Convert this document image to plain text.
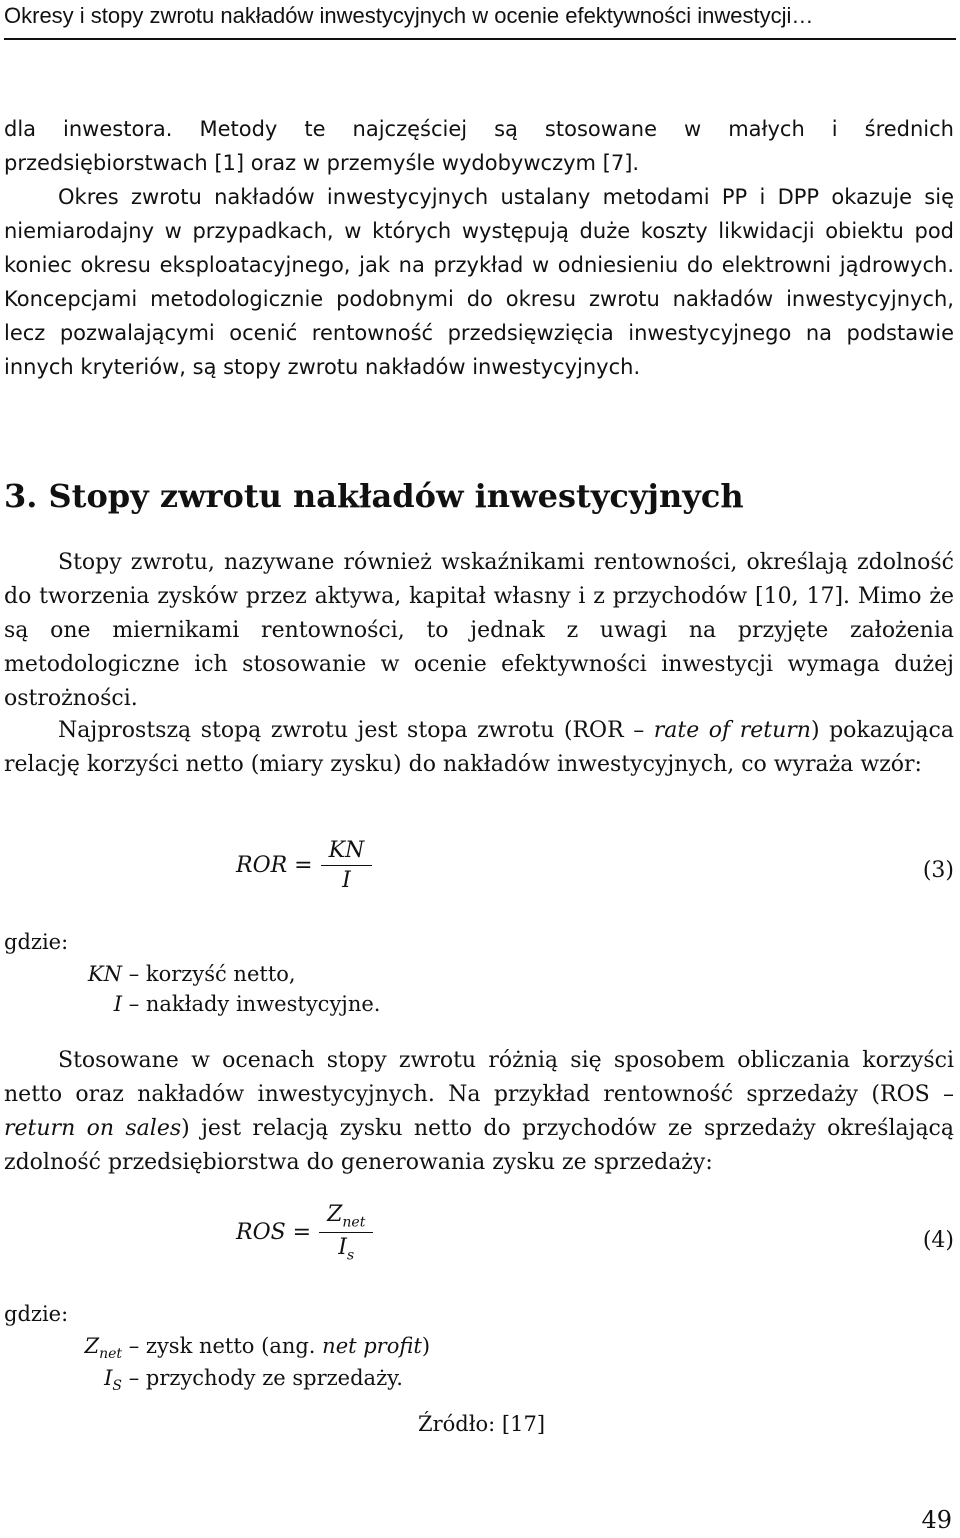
Okresy i stopy zwrotu nakładów inwestycyjnych w ocenie efektywności inwestycji…

dla inwestora. Metody te najczęściej są stosowane w małych i średnich przedsiębiorstwach [1] oraz w przemyśle wydobywczym [7].

Okres zwrotu nakładów inwestycyjnych ustalany metodami PP i DPP okazuje się niemiarodajny w przypadkach, w których występują duże koszty likwidacji obiektu pod koniec okresu eksploatacyjnego, jak na przykład w odniesieniu do elektrowni jądrowych. Koncepcjami metodologicznie podobnymi do okresu zwrotu nakładów inwestycyjnych, lecz pozwalającymi ocenić rentowność przedsięwzięcia inwestycyjnego na podstawie innych kryteriów, są stopy zwrotu nakładów inwestycyjnych.

3. Stopy zwrotu nakładów inwestycyjnych

Stopy zwrotu, nazywane również wskaźnikami rentowności, określają zdolność do tworzenia zysków przez aktywa, kapitał własny i z przychodów [10, 17]. Mimo że są one miernikami rentowności, to jednak z uwagi na przyjęte założenia metodologiczne ich stosowanie w ocenie efektywności inwestycji wymaga dużej ostrożności.

Najprostszą stopą zwrotu jest stopa zwrotu (ROR – rate of return) pokazująca relację korzyści netto (miary zysku) do nakładów inwestycyjnych, co wyraża wzór:

ROR = $\frac{KN}{I}$	(3)
gdzie:
KN – korzyść netto,
I – nakłady inwestycyjne.

Stosowane w ocenach stopy zwrotu różnią się sposobem obliczania korzyści netto oraz nakładów inwestycyjnych. Na przykład rentowność sprzedaży (ROS – return on sales) jest relacją zysku netto do przychodów ze sprzedaży określającą zdolność przedsiębiorstwa do generowania zysku ze sprzedaży:

ROS = $\frac{Z_{net}}{I_s}$	(4)
gdzie:
$Z_{net}$ – zysk netto (ang. net profit)
$I_S$ – przychody ze sprzedaży.
Źródło: [17]
49
